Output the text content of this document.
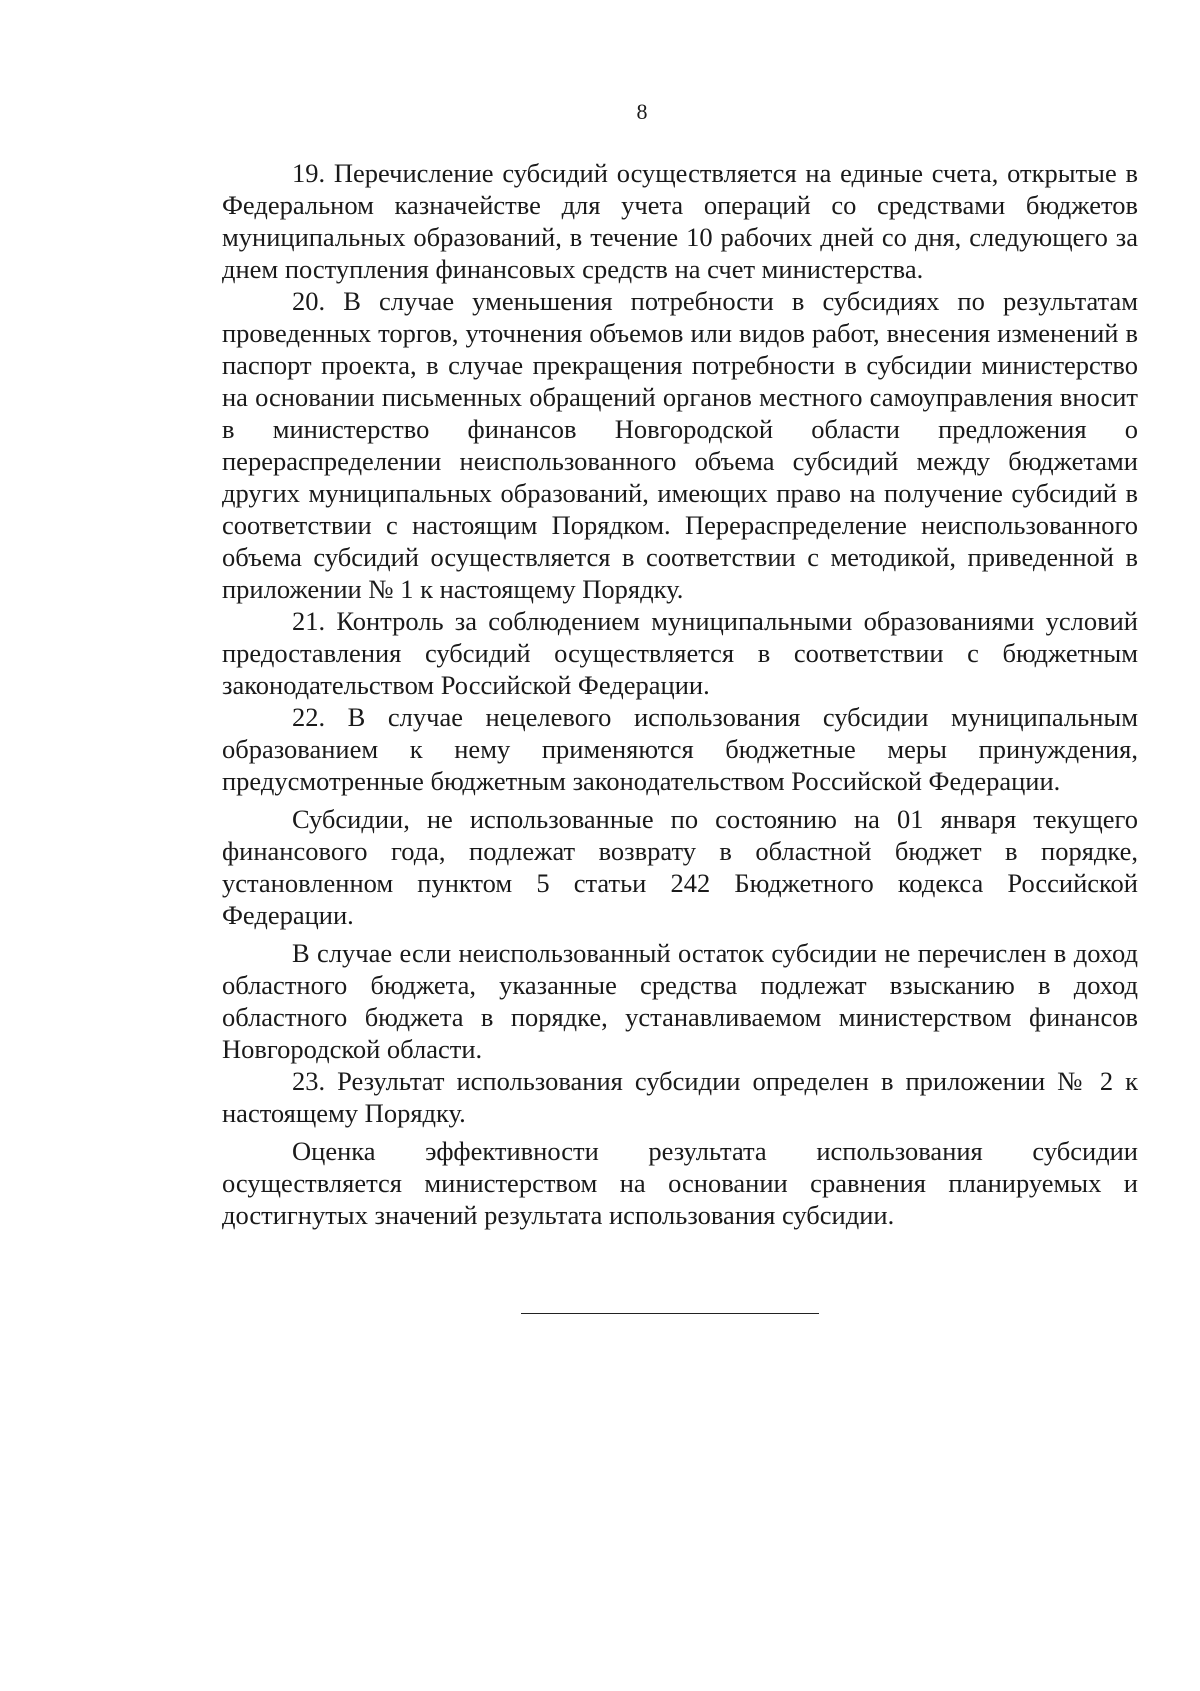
8

19. Перечисление субсидий осуществляется на единые счета, открытые в Федеральном казначействе для учета операций со средствами бюджетов муниципальных образований, в течение 10 рабочих дней со дня, следующего за днем поступления финансовых средств на счет министерства.

20. В случае уменьшения потребности в субсидиях по результатам проведенных торгов, уточнения объемов или видов работ, внесения изменений в паспорт проекта, в случае прекращения потребности в субсидии министерство на основании письменных обращений органов местного самоуправления вносит в министерство финансов Новгородской области предложения о перераспределении неиспользованного объема субсидий между бюджетами других муниципальных образований, имеющих право на получение субсидий в соответствии с настоящим Порядком. Перераспределение неиспользованного объема субсидий осуществляется в соответствии с методикой, приведенной в приложении № 1 к настоящему Порядку.

21. Контроль за соблюдением муниципальными образованиями условий предоставления субсидий осуществляется в соответствии с бюджетным законодательством Российской Федерации.

22. В случае нецелевого использования субсидии муниципальным образованием к нему применяются бюджетные меры принуждения, предусмотренные бюджетным законодательством Российской Федерации.

Субсидии, не использованные по состоянию на 01 января текущего финансового года, подлежат возврату в областной бюджет в порядке, установленном пунктом 5 статьи 242 Бюджетного кодекса Российской Федерации.

В случае если неиспользованный остаток субсидии не перечислен в доход областного бюджета, указанные средства подлежат взысканию в доход областного бюджета в порядке, устанавливаемом министерством финансов Новгородской области.

23. Результат использования субсидии определен в приложении № 2 к настоящему Порядку.

Оценка эффективности результата использования субсидии осуществляется министерством на основании сравнения планируемых и достигнутых значений результата использования субсидии.
